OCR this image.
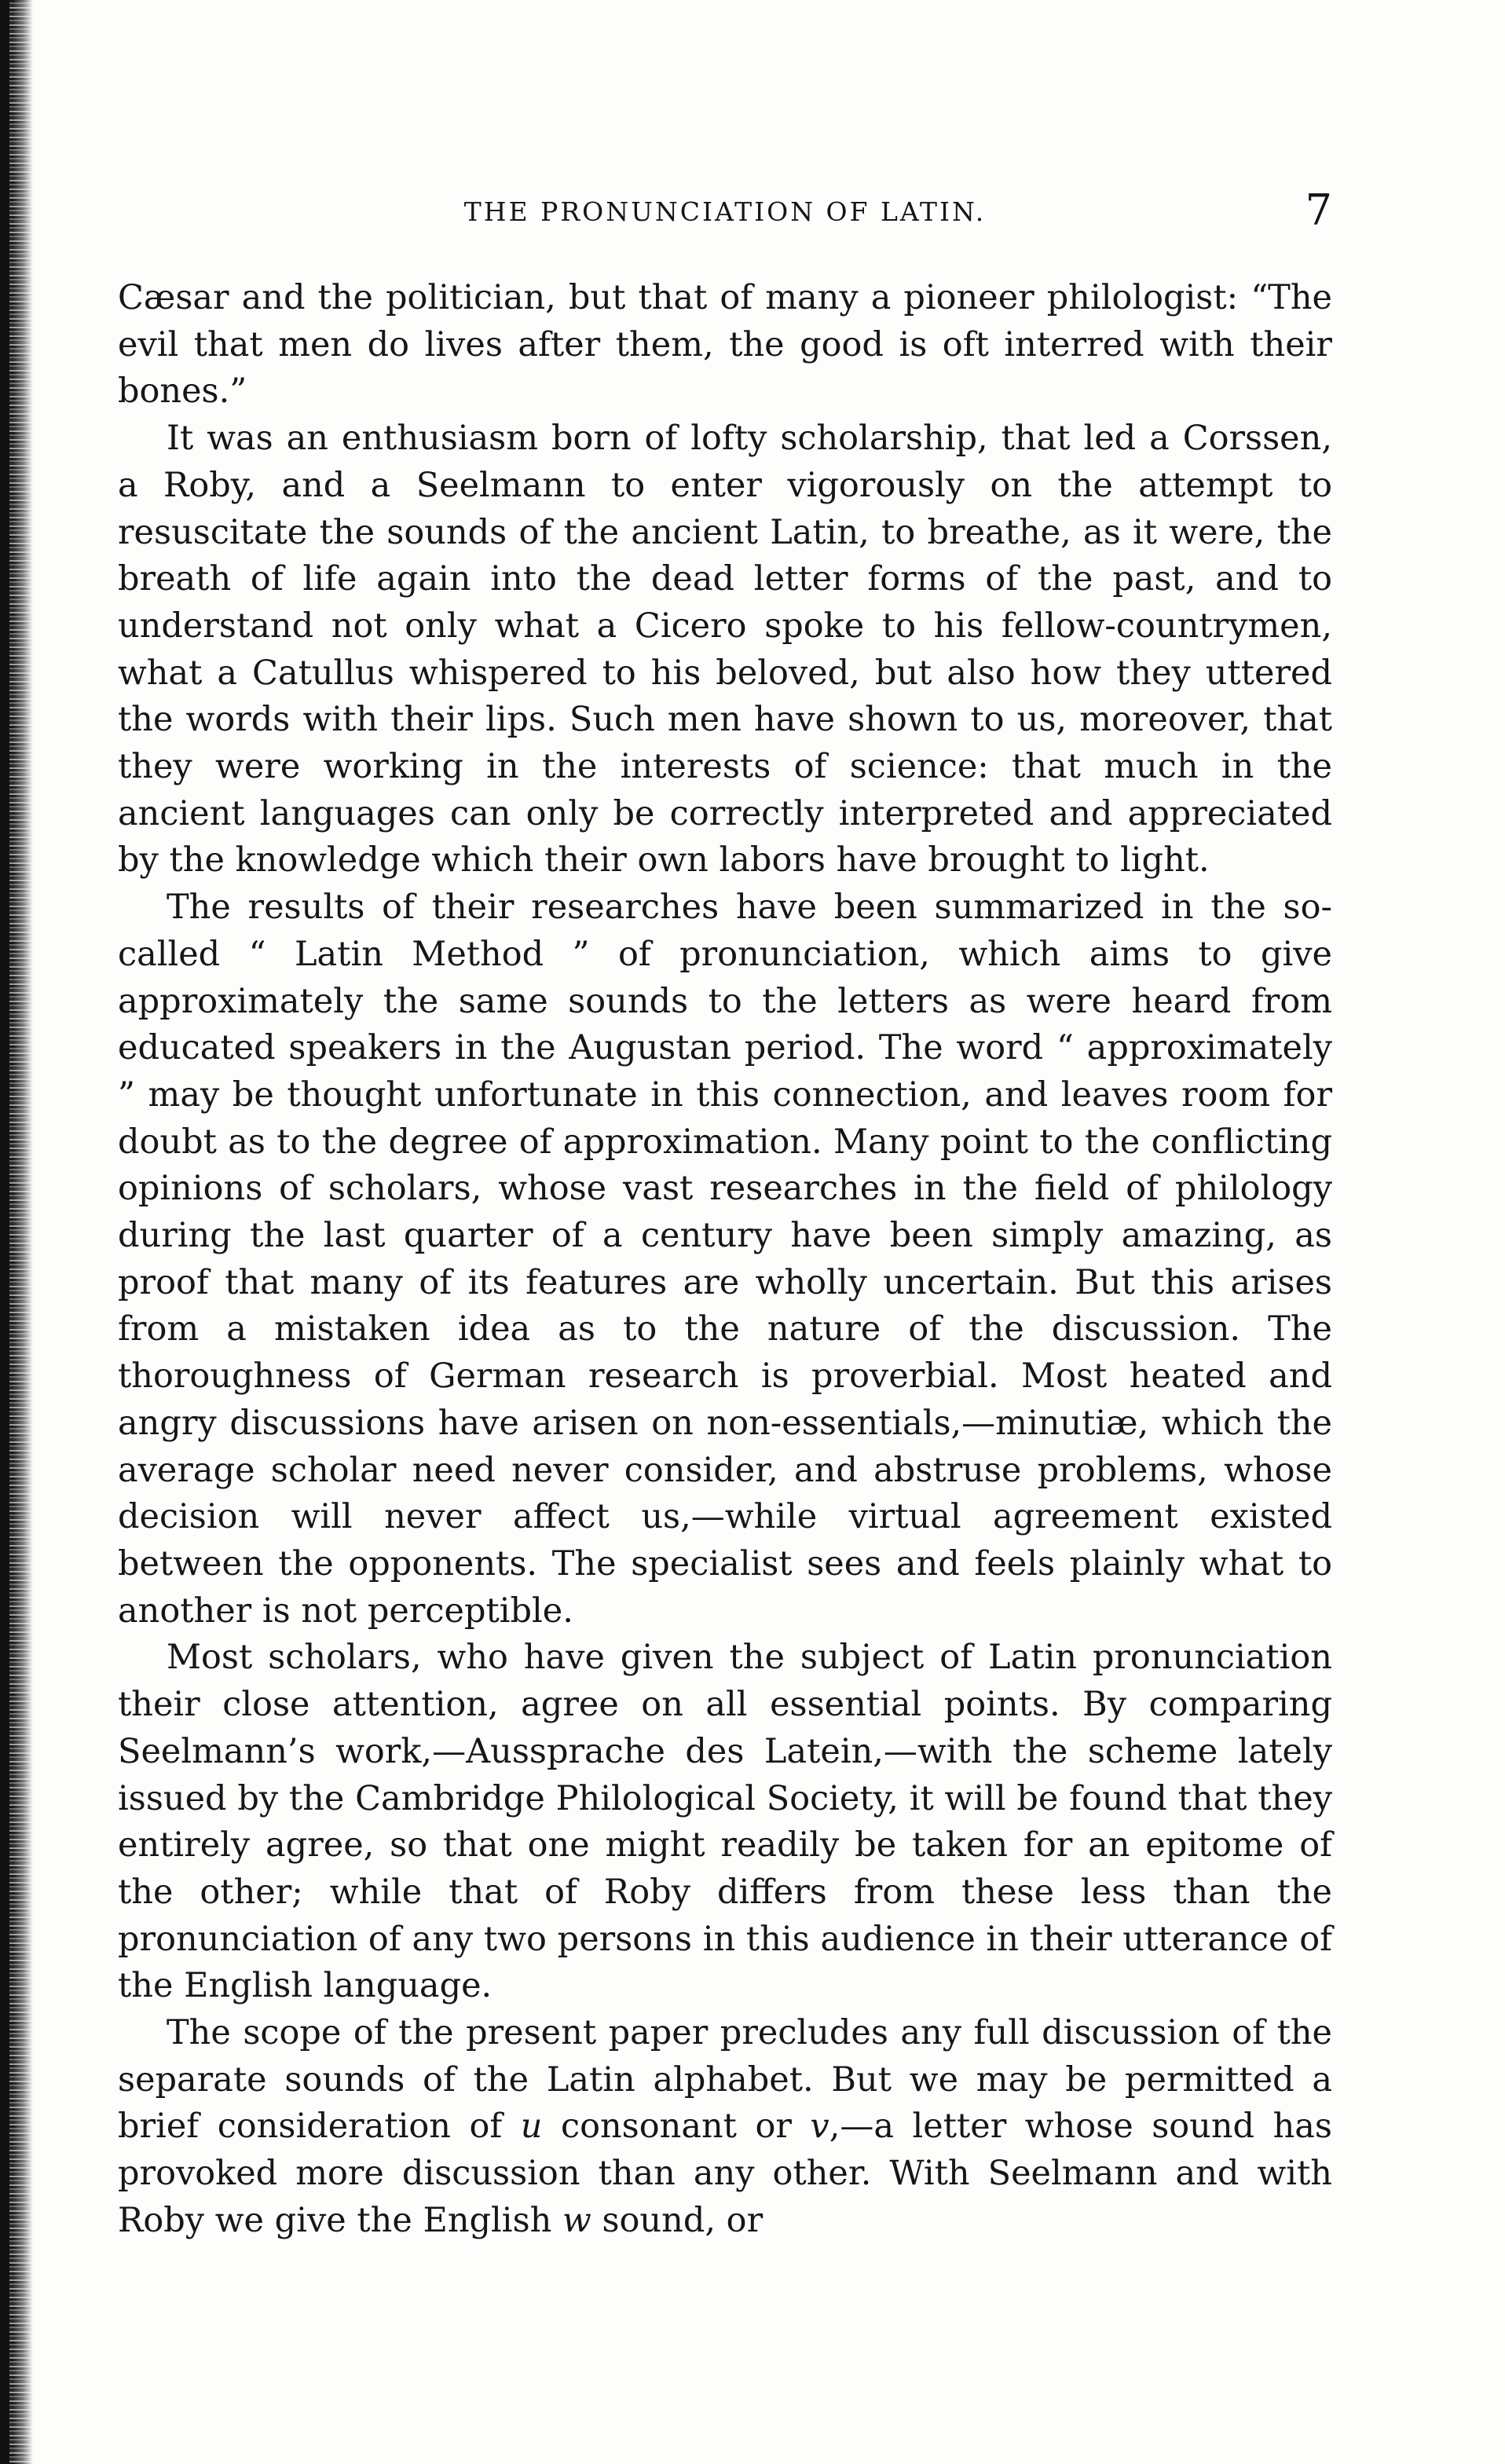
THE PRONUNCIATION OF LATIN.	7

Cæsar and the politician, but that of many a pioneer philologist: “The evil that men do lives after them, the good is oft interred with their bones.”

It was an enthusiasm born of lofty scholarship, that led a Corssen, a Roby, and a Seelmann to enter vigorously on the attempt to resuscitate the sounds of the ancient Latin, to breathe, as it were, the breath of life again into the dead letter forms of the past, and to understand not only what a Cicero spoke to his fellow-countrymen, what a Catullus whispered to his beloved, but also how they uttered the words with their lips. Such men have shown to us, moreover, that they were working in the interests of science: that much in the ancient languages can only be correctly interpreted and appreciated by the knowledge which their own labors have brought to light.

The results of their researches have been summarized in the so-called “ Latin Method ” of pronunciation, which aims to give approximately the same sounds to the letters as were heard from educated speakers in the Augustan period. The word “ approximately ” may be thought unfortunate in this connection, and leaves room for doubt as to the degree of approximation. Many point to the conflicting opinions of scholars, whose vast researches in the field of philology during the last quarter of a century have been simply amazing, as proof that many of its features are wholly uncertain. But this arises from a mistaken idea as to the nature of the discussion. The thoroughness of German research is proverbial. Most heated and angry discussions have arisen on non-essentials,—minutiæ, which the average scholar need never consider, and abstruse problems, whose decision will never affect us,—while virtual agreement existed between the opponents. The specialist sees and feels plainly what to another is not perceptible.

Most scholars, who have given the subject of Latin pronunciation their close attention, agree on all essential points. By comparing Seelmann’s work,—Aussprache des Latein,—with the scheme lately issued by the Cambridge Philological Society, it will be found that they entirely agree, so that one might readily be taken for an epitome of the other; while that of Roby differs from these less than the pronunciation of any two persons in this audience in their utterance of the English language.

The scope of the present paper precludes any full discussion of the separate sounds of the Latin alphabet. But we may be permitted a brief consideration of u consonant or v,—a letter whose sound has provoked more discussion than any other. With Seelmann and with Roby we give the English w sound, or
